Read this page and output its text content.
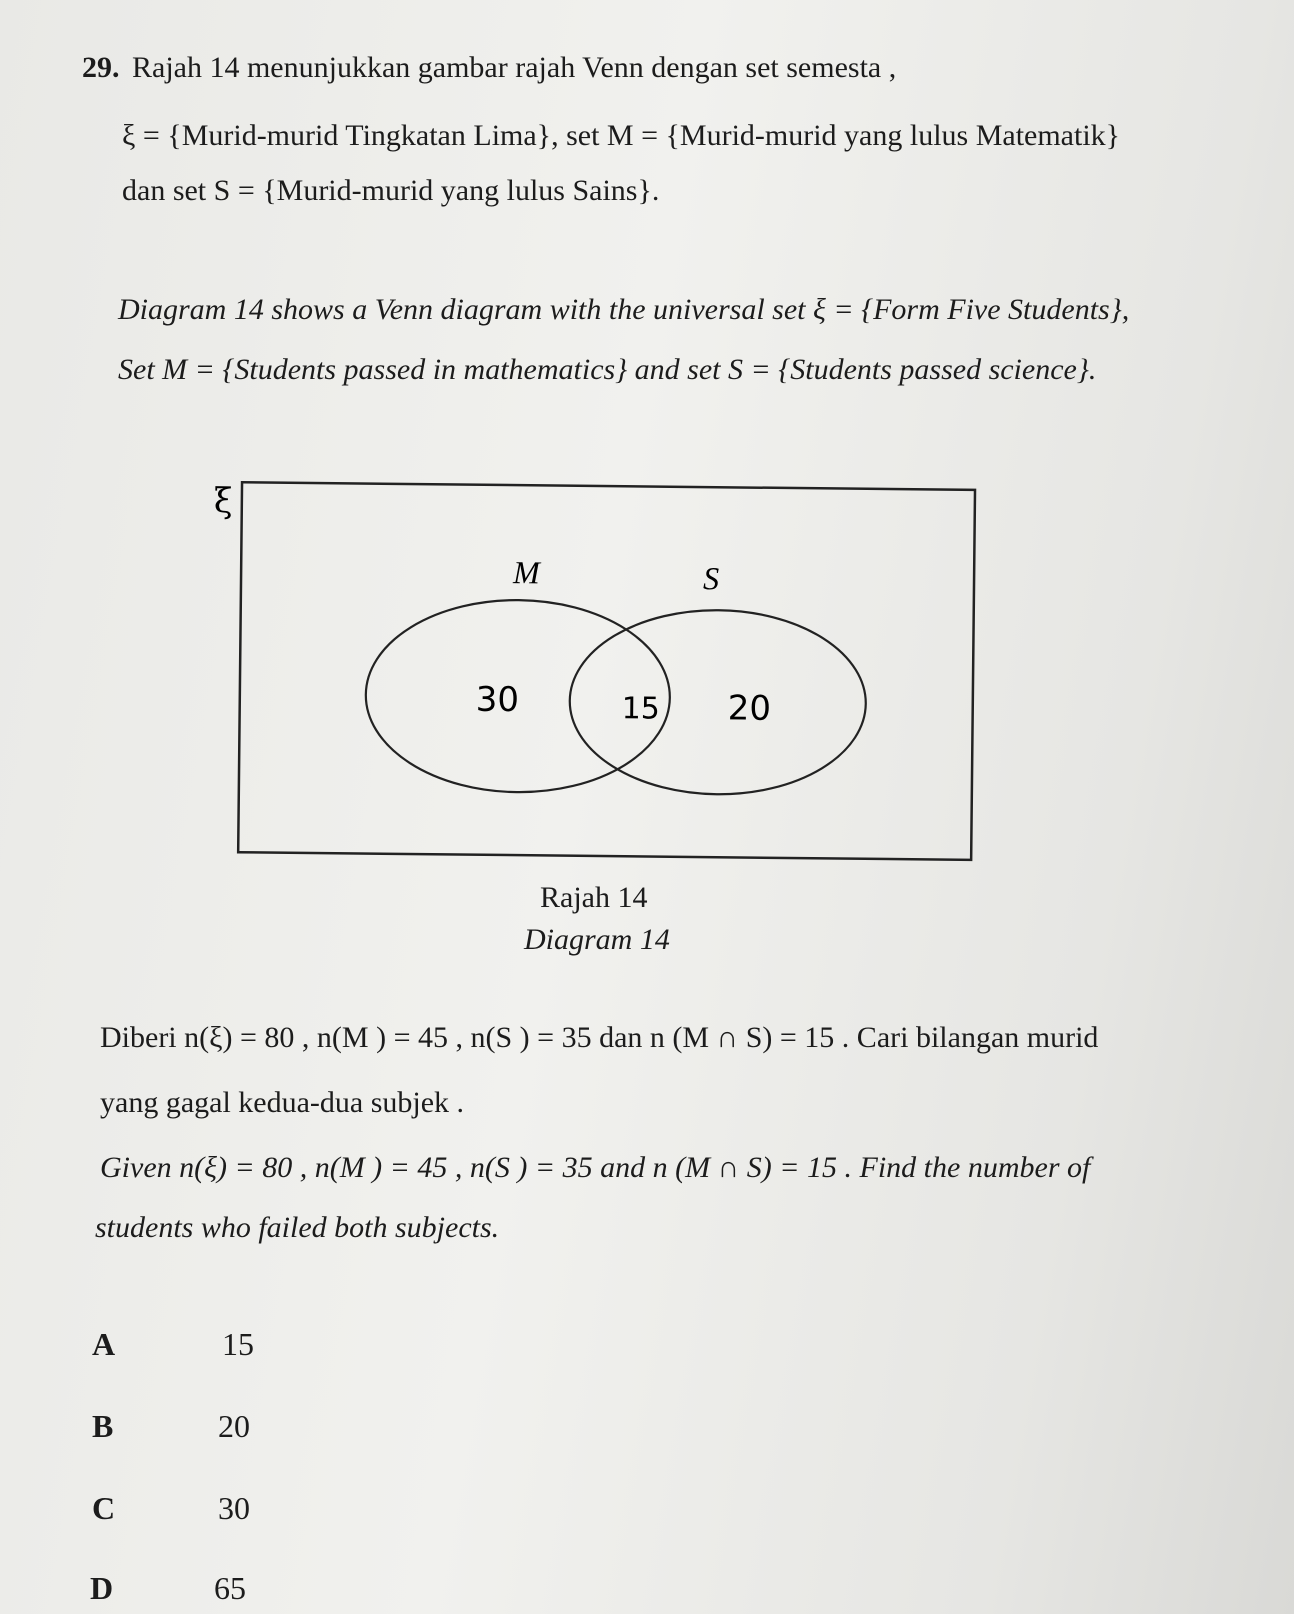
29. Rajah 14 menunjukkan gambar rajah Venn dengan set semesta ,
ξ = {Murid-murid Tingkatan Lima}, set M = {Murid-murid yang lulus Matematik}
dan set S = {Murid-murid yang lulus Sains}.
Diagram 14 shows a Venn diagram with the universal set ξ = {Form Five Students},
Set M = {Students passed in mathematics} and set S = {Students passed science}.
ξ
M	S
30	15 20
Rajah 14
Diagram 14
Diberi n(ξ) = 80 , n(M ) = 45 , n(S ) = 35 dan n (M ∩ S) = 15 . Cari bilangan murid
yang gagal kedua-dua subjek .
Given n(ξ) = 80 , n(M ) = 45 , n(S ) = 35 and n (M ∩ S) = 15 . Find the number of
students who failed both subjects.
A	15
B	20
C	30
D	65
